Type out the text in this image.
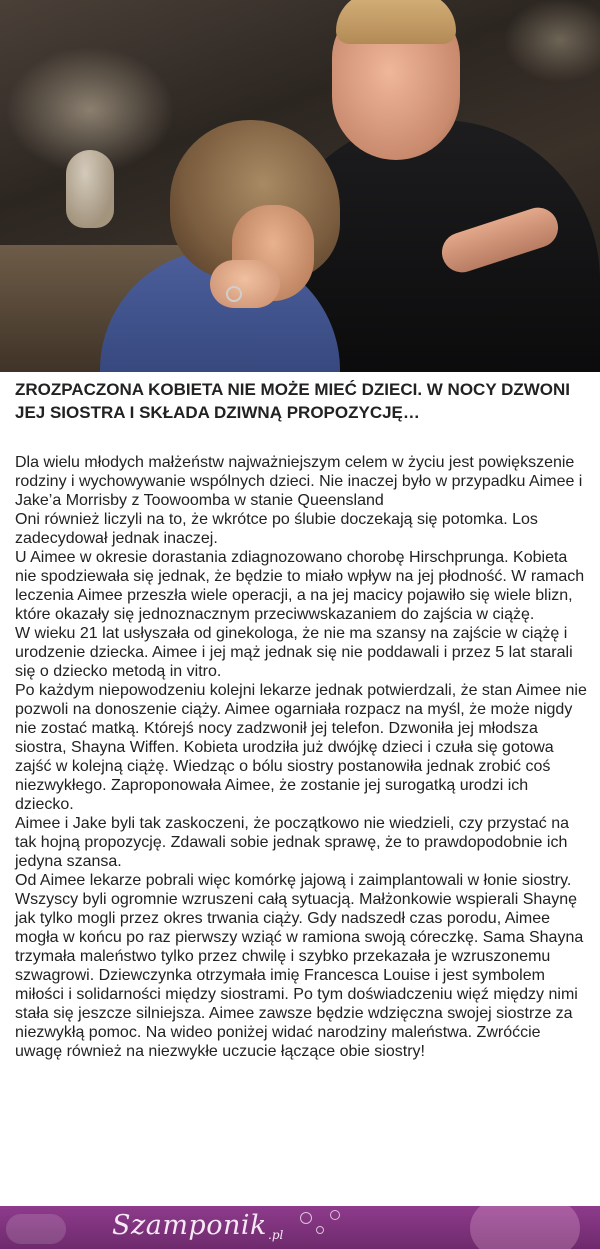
ZROZPACZONA KOBIETA NIE MOŻE MIEĆ DZIECI. W NOCY DZWONI JEJ SIOSTRA I SKŁADA DZIWNĄ PROPOZYCJĘ…

Dla wielu młodych małżeństw najważniejszym celem w życiu jest powiększenie rodziny i wychowywanie wspólnych dzieci. Nie inaczej było w przypadku Aimee i Jake’a Morrisby z Toowoomba w stanie Queensland

Oni również liczyli na to, że wkrótce po ślubie doczekają się potomka. Los zadecydował jednak inaczej.

U Aimee w okresie dorastania zdiagnozowano chorobę Hirschprunga. Kobieta nie spodziewała się jednak, że będzie to miało wpływ na jej płodność. W ramach leczenia Aimee przeszła wiele operacji, a na jej macicy pojawiło się wiele blizn, które okazały się jednoznacznym przeciwwskazaniem do zajścia w ciążę.

W wieku 21 lat usłyszała od ginekologa, że nie ma szansy na zajście w ciążę i urodzenie dziecka. Aimee i jej mąż jednak się nie poddawali i przez 5 lat starali się o dziecko metodą in vitro.

Po każdym niepowodzeniu kolejni lekarze jednak potwierdzali, że stan Aimee nie pozwoli na donoszenie ciąży. Aimee ogarniała rozpacz na myśl, że może nigdy nie zostać matką. Którejś nocy zadzwonił jej telefon. Dzwoniła jej młodsza siostra, Shayna Wiffen. Kobieta urodziła już dwójkę dzieci i czuła się gotowa zajść w kolejną ciążę. Wiedząc o bólu siostry postanowiła jednak zrobić coś niezwykłego. Zaproponowała Aimee, że zostanie jej surogatką urodzi ich dziecko.

Aimee i Jake byli tak zaskoczeni, że początkowo nie wiedzieli, czy przystać na tak hojną propozycję. Zdawali sobie jednak sprawę, że to prawdopodobnie ich jedyna szansa.

Od Aimee lekarze pobrali więc komórkę jajową i zaimplantowali w łonie siostry. Wszyscy byli ogromnie wzruszeni całą sytuacją. Małżonkowie wspierali Shaynę jak tylko mogli przez okres trwania ciąży. Gdy nadszedł czas porodu, Aimee mogła w końcu po raz pierwszy wziąć w ramiona swoją córeczkę. Sama Shayna trzymała maleństwo tylko przez chwilę i szybko przekazała je wzruszonemu szwagrowi. Dziewczynka otrzymała imię Francesca Louise i jest symbolem miłości i solidarności między siostrami. Po tym doświadczeniu więź między nimi stała się jeszcze silniejsza. Aimee zawsze będzie wdzięczna swojej siostrze za niezwykłą pomoc. Na wideo poniżej widać narodziny maleństwa. Zwróćcie uwagę również na niezwykłe uczucie łączące obie siostry!

Szamponik .pl
